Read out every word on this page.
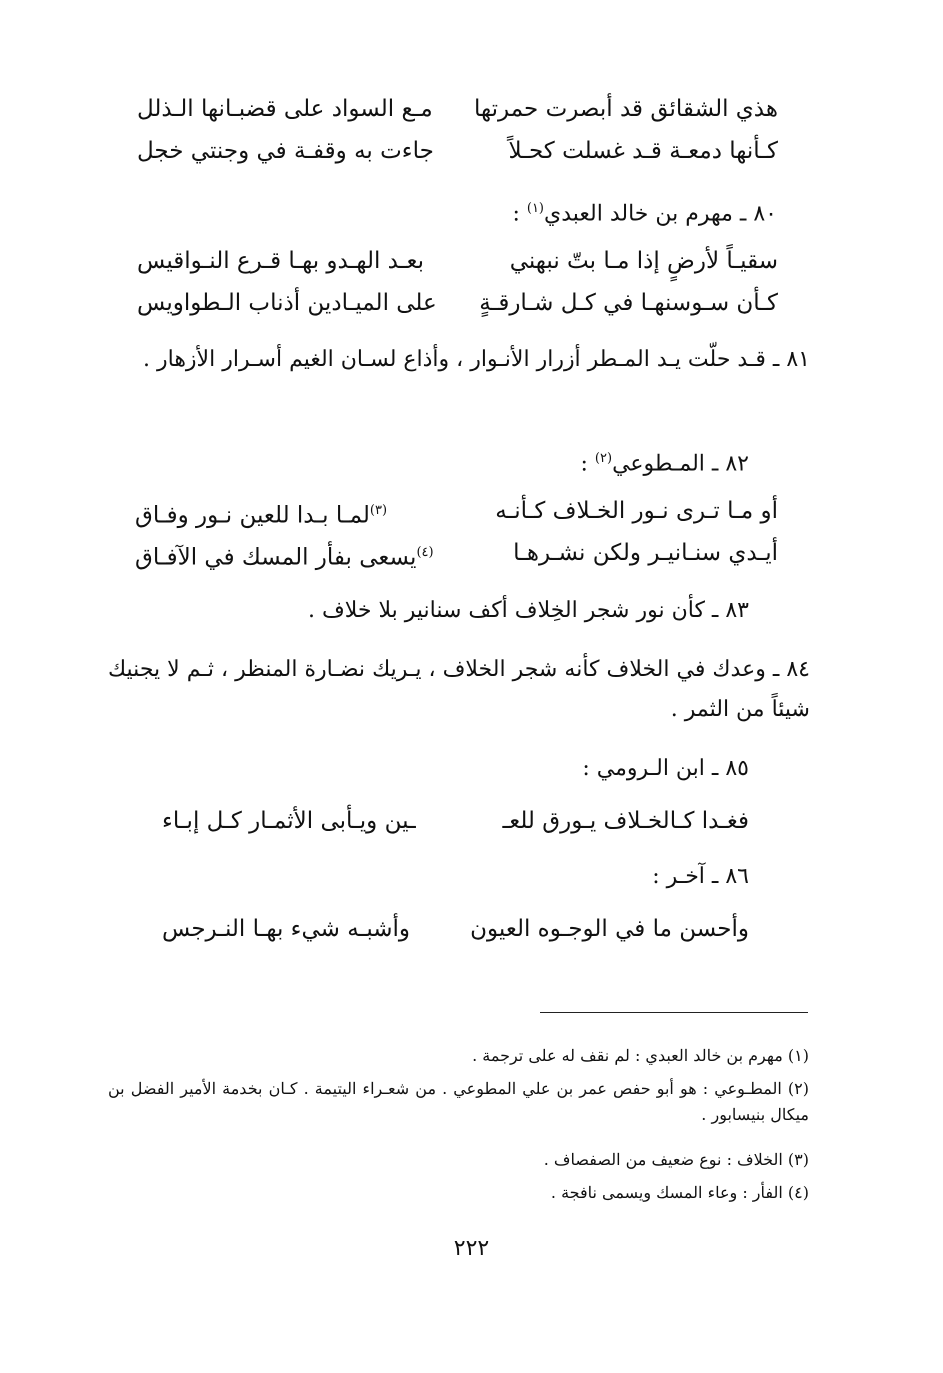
هذي الشقائق قد أبصرت حمرتها
مـع السواد على قضبـانها الـذلل
كـأنها دمعـة قـد غسلت كحـلاً
جاءت به وقفـة في وجنتي خجل
٨٠ ـ مهرم بن خالد العبدي$^{(١)}$ :
سقيـاً لأرضٍ إذا مـا بتّ نبهني
بعـد الهـدو بهـا قـرع النـواقيس
كـأن سـوسنهـا في كـل شـارقـةٍ
على الميـادين أذناب الـطواويس
٨١ ـ قـد حلّت يـد المـطر أزرار الأنـوار ، وأذاع لسـان الغيم أسـرار الأزهار .
٨٢ ـ المـطوعي$^{(٢)}$ :
أو مـا تـرى نـور الخـلاف كـأنـه
$^{(٣)}$لمـا بـدا للعين نـور وفـاق
أيـدي سنـانيـر ولكن نشـرهـا
$^{(٤)}$يسعى بفأر المسك في الآفـاق
٨٣ ـ كأن نور شجر الخِلاف أكف سنانير بلا خلاف .
٨٤ ـ وعدك في الخلاف كأنه شجر الخلاف ، يـريك نضـارة المنظر ، ثـم لا يجنيك شيئاً من الثمر .
٨٥ ـ ابن الـرومي :
فغـدا كـالخـلاف يـورق للعـ
ـين ويـأبى الأثمـار كـل إبـاء
٨٦ ـ آخـر :
وأحسن ما في الوجـوه العيون
وأشبـه شيء بهـا النـرجس
(١) مهرم بن خالد العبدي : لم نقف له على ترجمة .
(٢) المطـوعي : هو أبو حفص عمر بن علي المطوعي . من شعـراء اليتيمة . كـان بخدمة الأمير الفضل بن ميكال بنيسابور .
(٣) الخلاف : نوع ضعيف من الصفصاف .
(٤) الفأر : وعاء المسك ويسمى نافجة .
٢٢٢
